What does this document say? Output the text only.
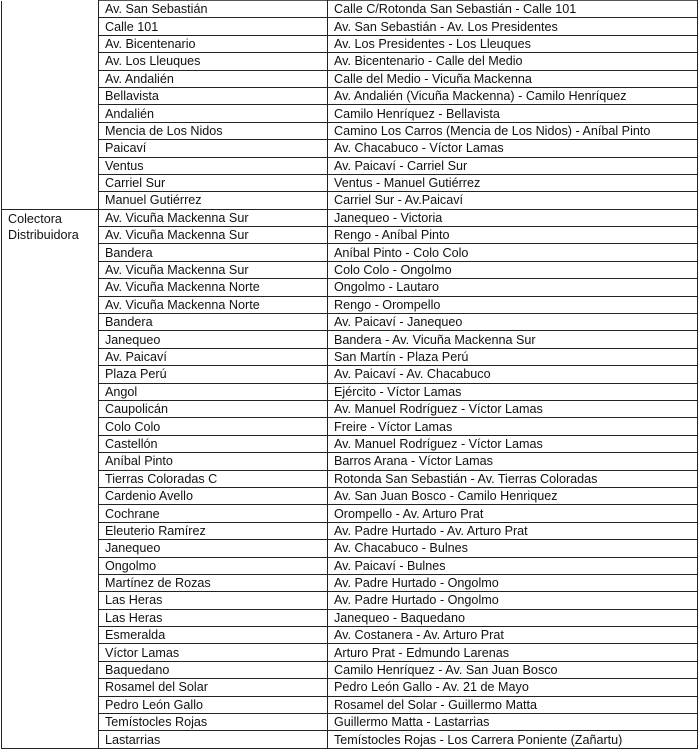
	Av. San Sebastián	Calle C/Rotonda San Sebastián - Calle 101
	Calle 101	Av. San Sebastián - Av. Los Presidentes
	Av. Bicentenario	Av. Los Presidentes - Los Lleuques
	Av. Los Lleuques	Av. Bicentenario - Calle del Medio
	Av. Andalién	Calle del Medio - Vicuña Mackenna
	Bellavista	Av. Andalién (Vicuña Mackenna) - Camilo Henríquez
	Andalién	Camilo Henríquez - Bellavista
	Mencia de Los Nidos	Camino Los Carros (Mencia de Los Nidos) - Aníbal Pinto
	Paicaví	Av. Chacabuco - Víctor Lamas
	Ventus	Av. Paicaví - Carriel Sur
	Carriel Sur	Ventus - Manuel Gutiérrez
	Manuel Gutiérrez	Carriel Sur - Av.Paicaví
Colectora Distribuidora	Av. Vicuña Mackenna Sur	Janequeo - Victoria
	Av. Vicuña Mackenna Sur	Rengo - Aníbal Pinto
	Bandera	Aníbal Pinto - Colo Colo
	Av. Vicuña Mackenna Sur	Colo Colo - Ongolmo
	Av. Vicuña Mackenna Norte	Ongolmo - Lautaro
	Av. Vicuña Mackenna Norte	Rengo - Orompello
	Bandera	Av. Paicaví - Janequeo
	Janequeo	Bandera - Av. Vicuña Mackenna Sur
	Av. Paicaví	San Martín - Plaza Perú
	Plaza Perú	Av. Paicaví - Av. Chacabuco
	Angol	Ejército - Víctor Lamas
	Caupolicán	Av. Manuel Rodríguez - Víctor Lamas
	Colo Colo	Freire - Víctor Lamas
	Castellón	Av. Manuel Rodríguez - Víctor Lamas
	Aníbal Pinto	Barros Arana - Víctor Lamas
	Tierras Coloradas C	Rotonda San Sebastián - Av. Tierras Coloradas
	Cardenio Avello	Av. San Juan Bosco - Camilo Henriquez
	Cochrane	Orompello - Av. Arturo Prat
	Eleuterio Ramírez	Av. Padre Hurtado - Av. Arturo Prat
	Janequeo	Av. Chacabuco - Bulnes
	Ongolmo	Av. Paicaví - Bulnes
	Martínez de Rozas	Av. Padre Hurtado - Ongolmo
	Las Heras	Av. Padre Hurtado - Ongolmo
	Las Heras	Janequeo - Baquedano
	Esmeralda	Av. Costanera - Av. Arturo Prat
	Víctor Lamas	Arturo Prat - Edmundo Larenas
	Baquedano	Camilo Henríquez - Av. San Juan Bosco
	Rosamel del Solar	Pedro León Gallo - Av. 21 de Mayo
	Pedro León Gallo	Rosamel del Solar - Guillermo Matta
	Temístocles Rojas	Guillermo Matta - Lastarrias
	Lastarrias	Temístocles Rojas - Los Carrera Poniente (Zañartu)
